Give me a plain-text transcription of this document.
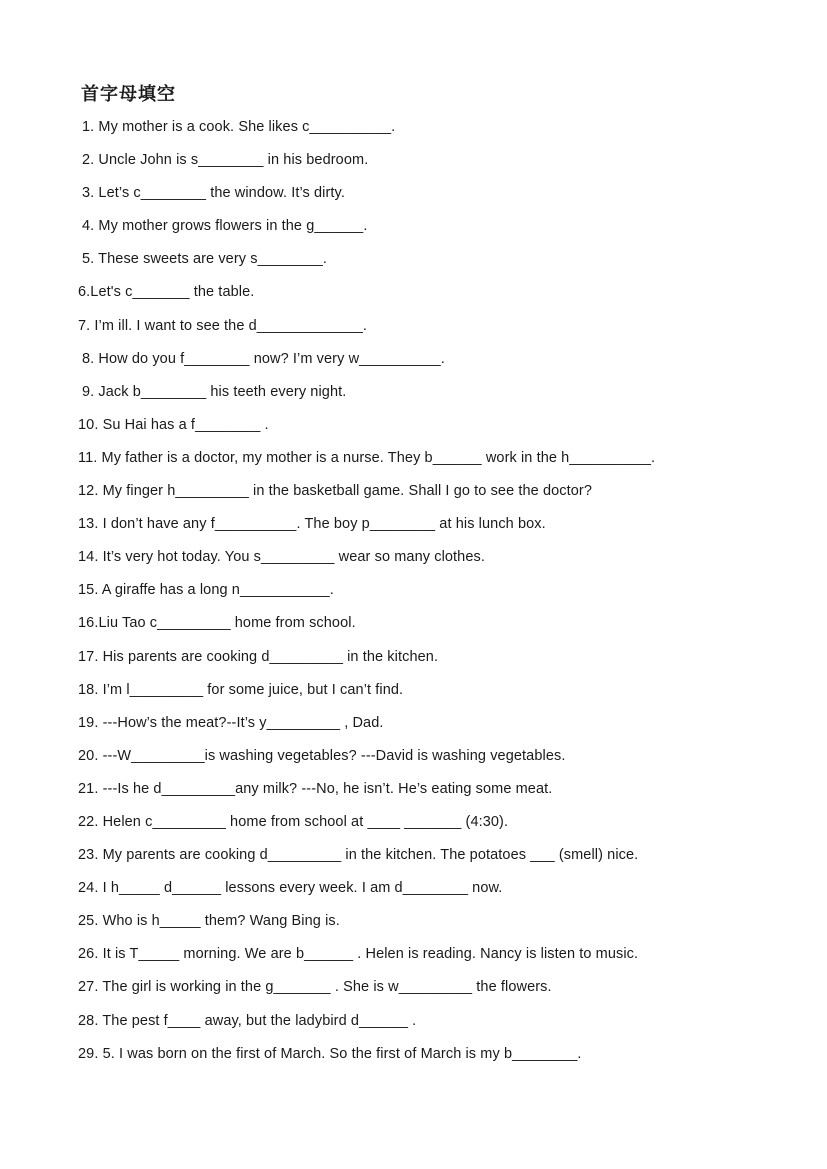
首字母填空
1. My mother is a cook. She likes c__________.
2. Uncle John is s________ in his bedroom.
3. Let’s c________ the window. It’s dirty.
4. My mother grows flowers in the g______.
5. These sweets are very s________.
6.Let's c_______ the table.
7. I’m ill. I want to see the d_____________.
8. How do you f________ now? I’m very w__________.
9. Jack b________ his teeth every night.
10. Su Hai has a f________ .
11. My father is a doctor, my mother is a nurse. They b______ work in the h__________.
12. My finger h_________ in the basketball game. Shall I go to see the doctor?
13. I don’t have any f__________. The boy p________ at his lunch box.
14. It’s very hot today. You s_________ wear so many clothes.
15. A giraffe has a long n___________.
16.Liu Tao c_________ home from school.
17. His parents are cooking d_________ in the kitchen.
18. I’m l_________ for some juice, but I can’t find.
19. ---How’s the meat?--It’s y_________ , Dad.
20. ---W_________is washing vegetables? ---David is washing vegetables.
21. ---Is he d_________any milk? ---No, he isn’t. He’s eating some meat.
22. Helen c_________ home from school at ____ _______ (4:30).
23. My parents are cooking d_________ in the kitchen. The potatoes ___ (smell) nice.
24. I h_____ d______ lessons every week. I am d________ now.
25. Who is h_____ them? Wang Bing is.
26. It is T_____ morning. We are b______ . Helen is reading. Nancy is listen to music.
27. The girl is working in the g_______ . She is w_________ the flowers.
28. The pest f____ away, but the ladybird d______ .
29. 5. I was born on the first of March. So the first of March is my b________.
